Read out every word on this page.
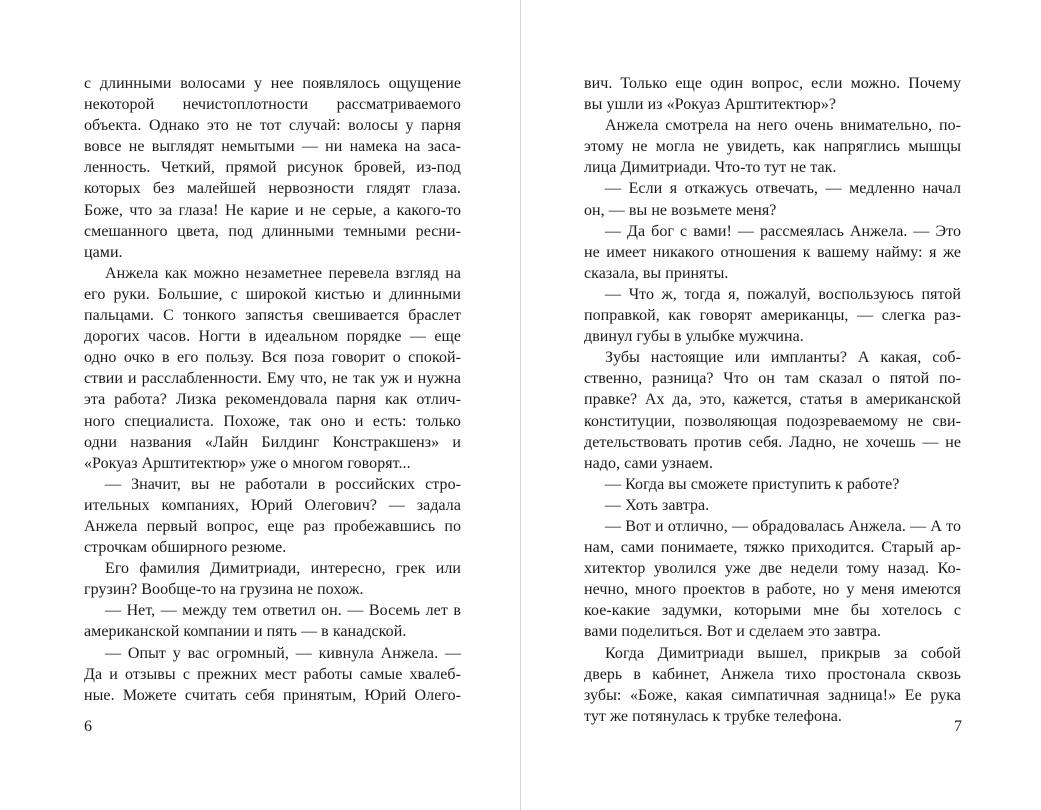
с длинными волосами у нее появлялось ощущение
некоторой нечистоплотности рассматриваемого
объекта. Однако это не тот случай: волосы у парня
вовсе не выглядят немытыми — ни намека на заса-
ленность. Четкий, прямой рисунок бровей, из-под
которых без малейшей нервозности глядят глаза.
Боже, что за глаза! Не карие и не серые, а какого-то
смешанного цвета, под длинными темными ресни-
цами.
Анжела как можно незаметнее перевела взгляд на
его руки. Большие, с широкой кистью и длинными
пальцами. С тонкого запястья свешивается браслет
дорогих часов. Ногти в идеальном порядке — еще
одно очко в его пользу. Вся поза говорит о спокой-
ствии и расслабленности. Ему что, не так уж и нужна
эта работа? Лизка рекомендовала парня как отлич-
ного специалиста. Похоже, так оно и есть: только
одни названия «Лайн Билдинг Констракшенз» и
«Рокуаз Арштитектюр» уже о многом говорят...
— Значит, вы не работали в российских стро-
ительных компаниях, Юрий Олегович? — задала
Анжела первый вопрос, еще раз пробежавшись по
строчкам обширного резюме.
Его фамилия Димитриади, интересно, грек или
грузин? Вообще-то на грузина не похож.
— Нет, — между тем ответил он. — Восемь лет в
американской компании и пять — в канадской.
— Опыт у вас огромный, — кивнула Анжела. —
Да и отзывы с прежних мест работы самые хвалеб-
ные. Можете считать себя принятым, Юрий Олего-
6
вич. Только еще один вопрос, если можно. Почему
вы ушли из «Рокуаз Арштитектюр»?
Анжела смотрела на него очень внимательно, по-
этому не могла не увидеть, как напряглись мышцы
лица Димитриади. Что-то тут не так.
— Если я откажусь отвечать, — медленно начал
он, — вы не возьмете меня?
— Да бог с вами! — рассмеялась Анжела. — Это
не имеет никакого отношения к вашему найму: я же
сказала, вы приняты.
— Что ж, тогда я, пожалуй, воспользуюсь пятой
поправкой, как говорят американцы, — слегка раз-
двинул губы в улыбке мужчина.
Зубы настоящие или импланты? А какая, соб-
ственно, разница? Что он там сказал о пятой по-
правке? Ах да, это, кажется, статья в американской
конституции, позволяющая подозреваемому не сви-
детельствовать против себя. Ладно, не хочешь — не
надо, сами узнаем.
— Когда вы сможете приступить к работе?
— Хоть завтра.
— Вот и отлично, — обрадовалась Анжела. — А то
нам, сами понимаете, тяжко приходится. Старый ар-
хитектор уволился уже две недели тому назад. Ко-
нечно, много проектов в работе, но у меня имеются
кое-какие задумки, которыми мне бы хотелось с
вами поделиться. Вот и сделаем это завтра.
Когда Димитриади вышел, прикрыв за собой
дверь в кабинет, Анжела тихо простонала сквозь
зубы: «Боже, какая симпатичная задница!» Ее рука
тут же потянулась к трубке телефона.
7
